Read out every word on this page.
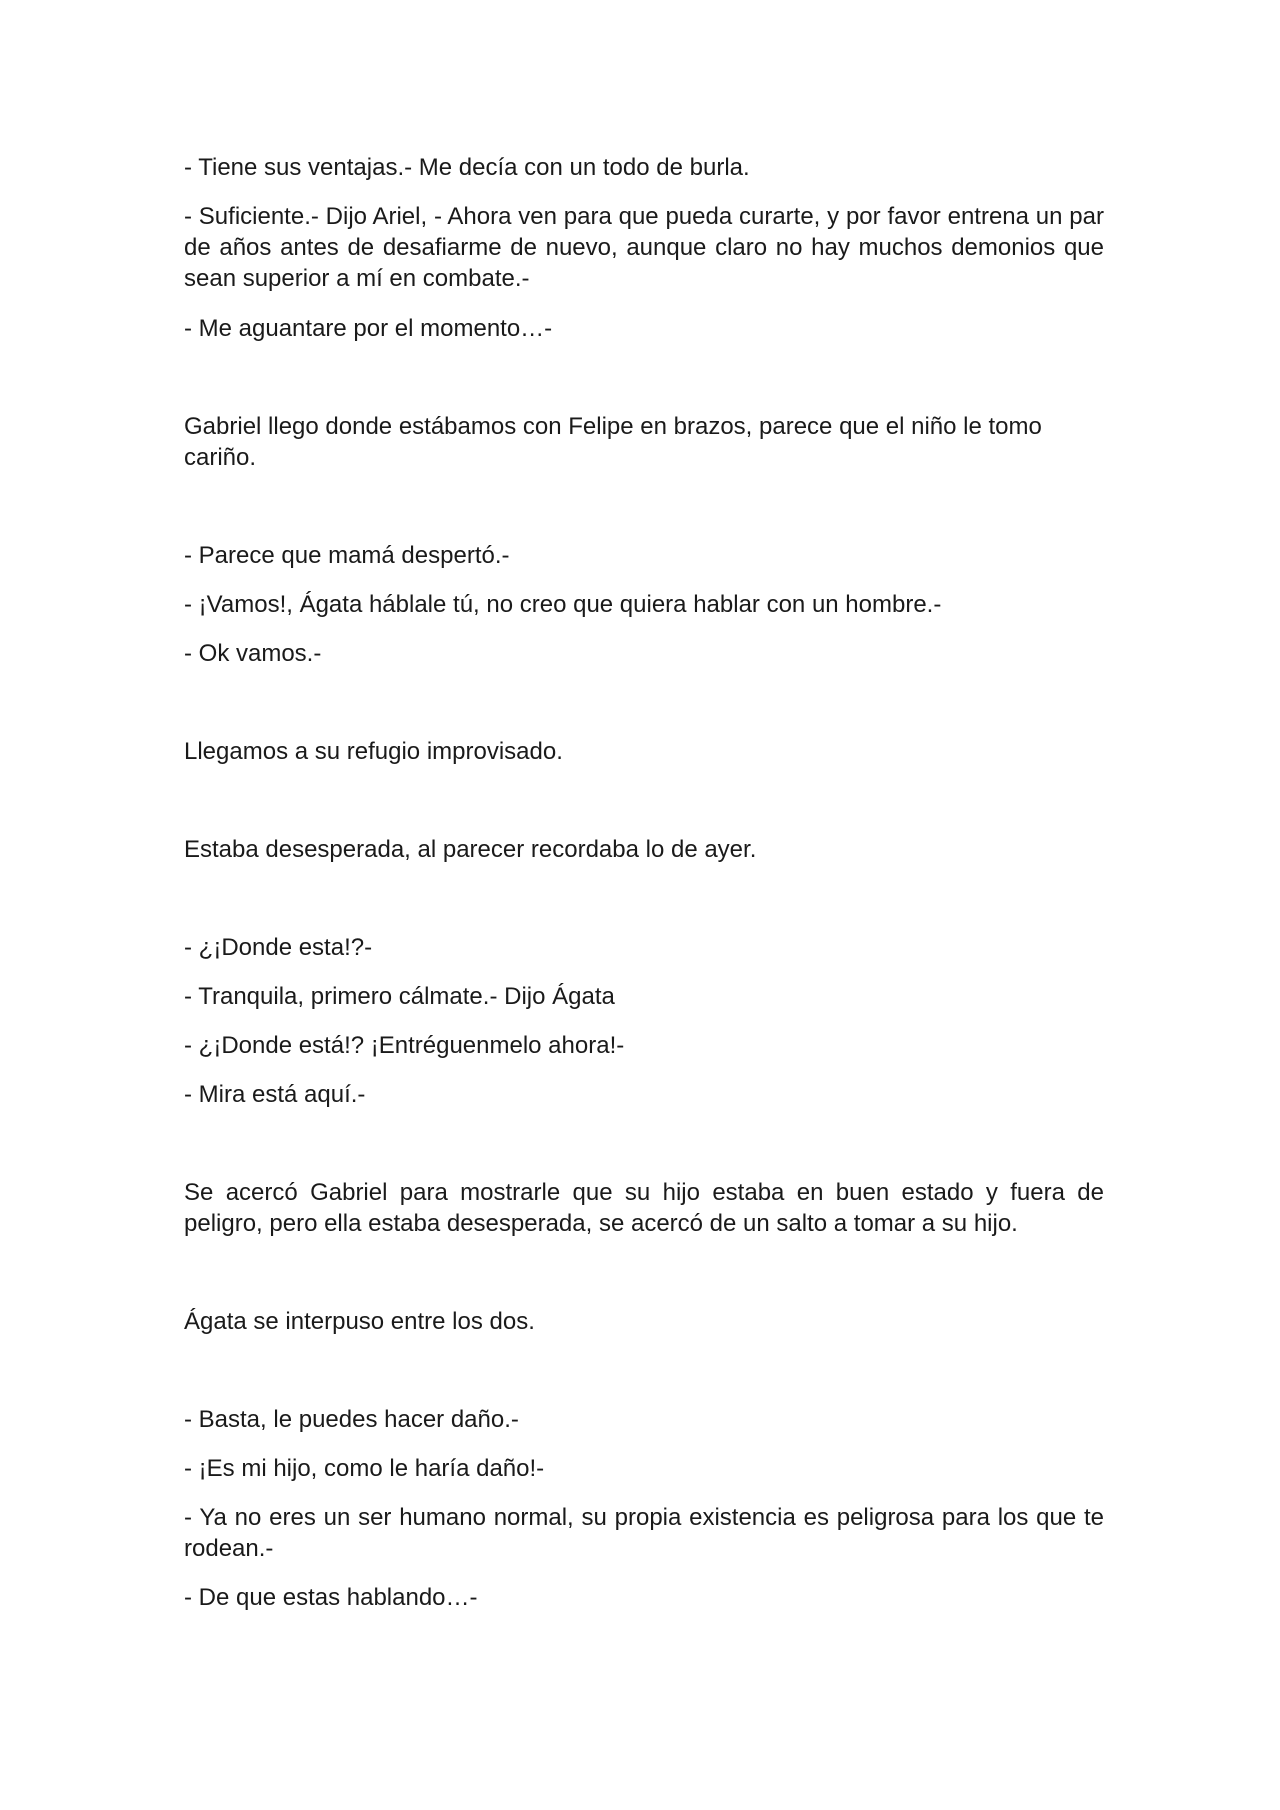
- Tiene sus ventajas.- Me decía con un todo de burla.

- Suficiente.- Dijo Ariel, - Ahora ven para que pueda curarte, y por favor entrena un par de años antes de desafiarme de nuevo, aunque claro no hay muchos demonios que sean superior a mí en combate.-

- Me aguantare por el momento…-

Gabriel llego donde estábamos con Felipe en brazos, parece que el niño le tomo cariño.

- Parece que mamá despertó.-

- ¡Vamos!, Ágata háblale tú, no creo que quiera hablar con un hombre.-

- Ok vamos.-

Llegamos a su refugio improvisado.

Estaba desesperada, al parecer recordaba lo de ayer.

- ¿¡Donde esta!?-

- Tranquila, primero cálmate.- Dijo Ágata

- ¿¡Donde está!? ¡Entréguenmelo ahora!-

- Mira está aquí.-

Se acercó Gabriel para mostrarle que su hijo estaba en buen estado y fuera de peligro, pero ella estaba desesperada, se acercó de un salto a tomar a su hijo.

Ágata se interpuso entre los dos.

- Basta, le puedes hacer daño.-

- ¡Es mi hijo, como le haría daño!-

- Ya no eres un ser humano normal, su propia existencia es peligrosa para los que te rodean.-

- De que estas hablando…-
